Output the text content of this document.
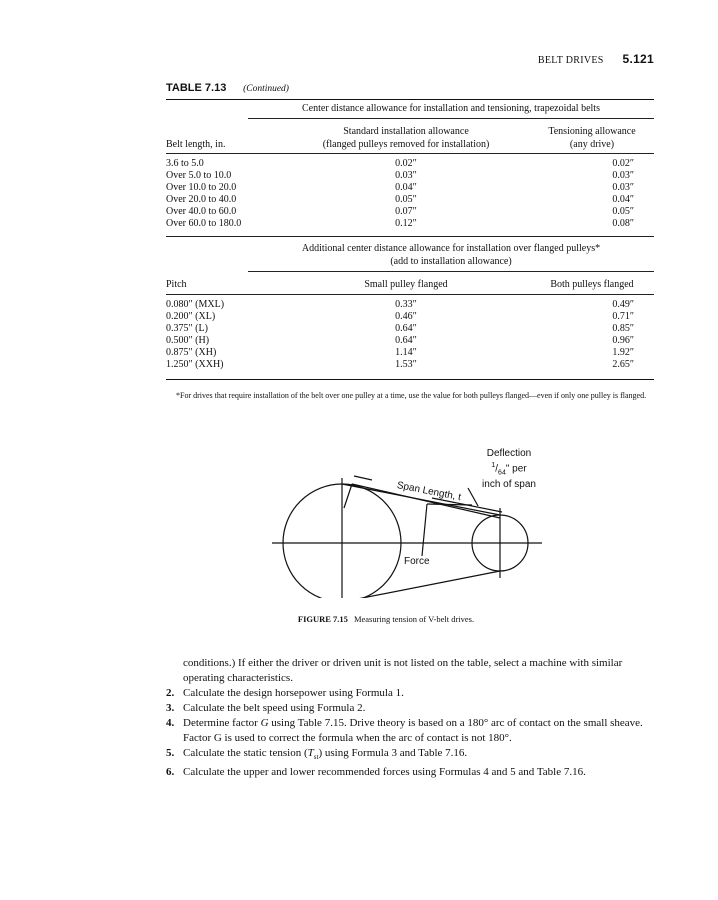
BELT DRIVES 5.121
TABLE 7.13 (Continued)
Center distance allowance for installation and tensioning, trapezoidal belts
Belt length, in.
Standard installation allowance
(flanged pulleys removed for installation)
Tensioning allowance
(any drive)
3.6 to 5.0	0.02″	0.02″
Over 5.0 to 10.0	0.03″	0.03″
Over 10.0 to 20.0	0.04″	0.03″
Over 20.0 to 40.0	0.05″	0.04″
Over 40.0 to 60.0	0.07″	0.05″
Over 60.0 to 180.0	0.12″	0.08″
Additional center distance allowance for installation over flanged pulleys*
(add to installation allowance)
Pitch	Small pulley flanged	Both pulleys flanged
0.080″ (MXL)	0.33″	0.49″
0.200″ (XL)	0.46″	0.71″
0.375″ (L)	0.64″	0.85″
0.500″ (H)	0.64″	0.96″
0.875″ (XH)	1.14″	1.92″
1.250″ (XXH)	1.53″	2.65″
*For drives that require installation of the belt over one pulley at a time, use the value for both pulleys flanged—even if only one pulley is flanged.
Deflection
$^1/_{64}$" per
inch of span
Span Length, t
Force
FIGURE 7.15 Measuring tension of V-belt drives.
conditions.) If either the driver or driven unit is not listed on the table, select a machine with similar operating characteristics.
2. Calculate the design horsepower using Formula 1.
3. Calculate the belt speed using Formula 2.
4. Determine factor G using Table 7.15. Drive theory is based on a 180° arc of contact on the small sheave. Factor G is used to correct the formula when the arc of contact is not 180°.
5. Calculate the static tension $(T_{st})$ using Formula 3 and Table 7.16.
6. Calculate the upper and lower recommended forces using Formulas 4 and 5 and Table 7.16.
